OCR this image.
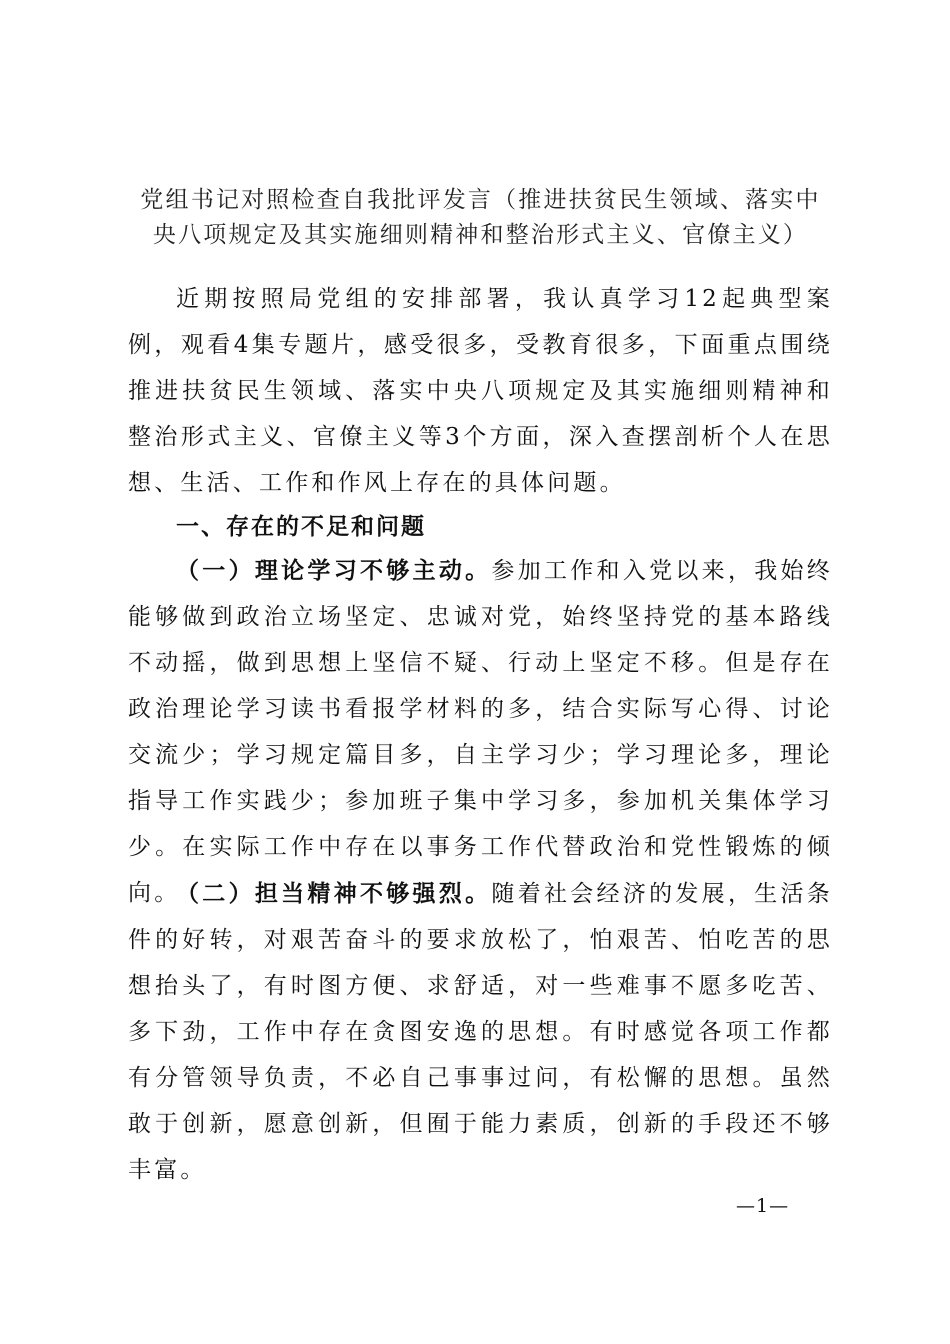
党组书记对照检查自我批评发言（推进扶贫民生领域、落实中央八项规定及其实施细则精神和整治形式主义、官僚主义）

近期按照局党组的安排部署，我认真学习12起典型案例，观看4集专题片，感受很多，受教育很多，下面重点围绕推进扶贫民生领域、落实中央八项规定及其实施细则精神和整治形式主义、官僚主义等3个方面，深入查摆剖析个人在思想、生活、工作和作风上存在的具体问题。

一、存在的不足和问题

（一）理论学习不够主动。参加工作和入党以来，我始终能够做到政治立场坚定、忠诚对党，始终坚持党的基本路线不动摇，做到思想上坚信不疑、行动上坚定不移。但是存在政治理论学习读书看报学材料的多，结合实际写心得、讨论交流少；学习规定篇目多，自主学习少；学习理论多，理论指导工作实践少；参加班子集中学习多，参加机关集体学习少。在实际工作中存在以事务工作代替政治和党性锻炼的倾向。

（二）担当精神不够强烈。随着社会经济的发展，生活条件的好转，对艰苦奋斗的要求放松了，怕艰苦、怕吃苦的思想抬头了，有时图方便、求舒适，对一些难事不愿多吃苦、多下劲，工作中存在贪图安逸的思想。有时感觉各项工作都有分管领导负责，不必自己事事过问，有松懈的思想。虽然敢于创新，愿意创新，但囿于能力素质，创新的手段还不够丰富。

—1—
